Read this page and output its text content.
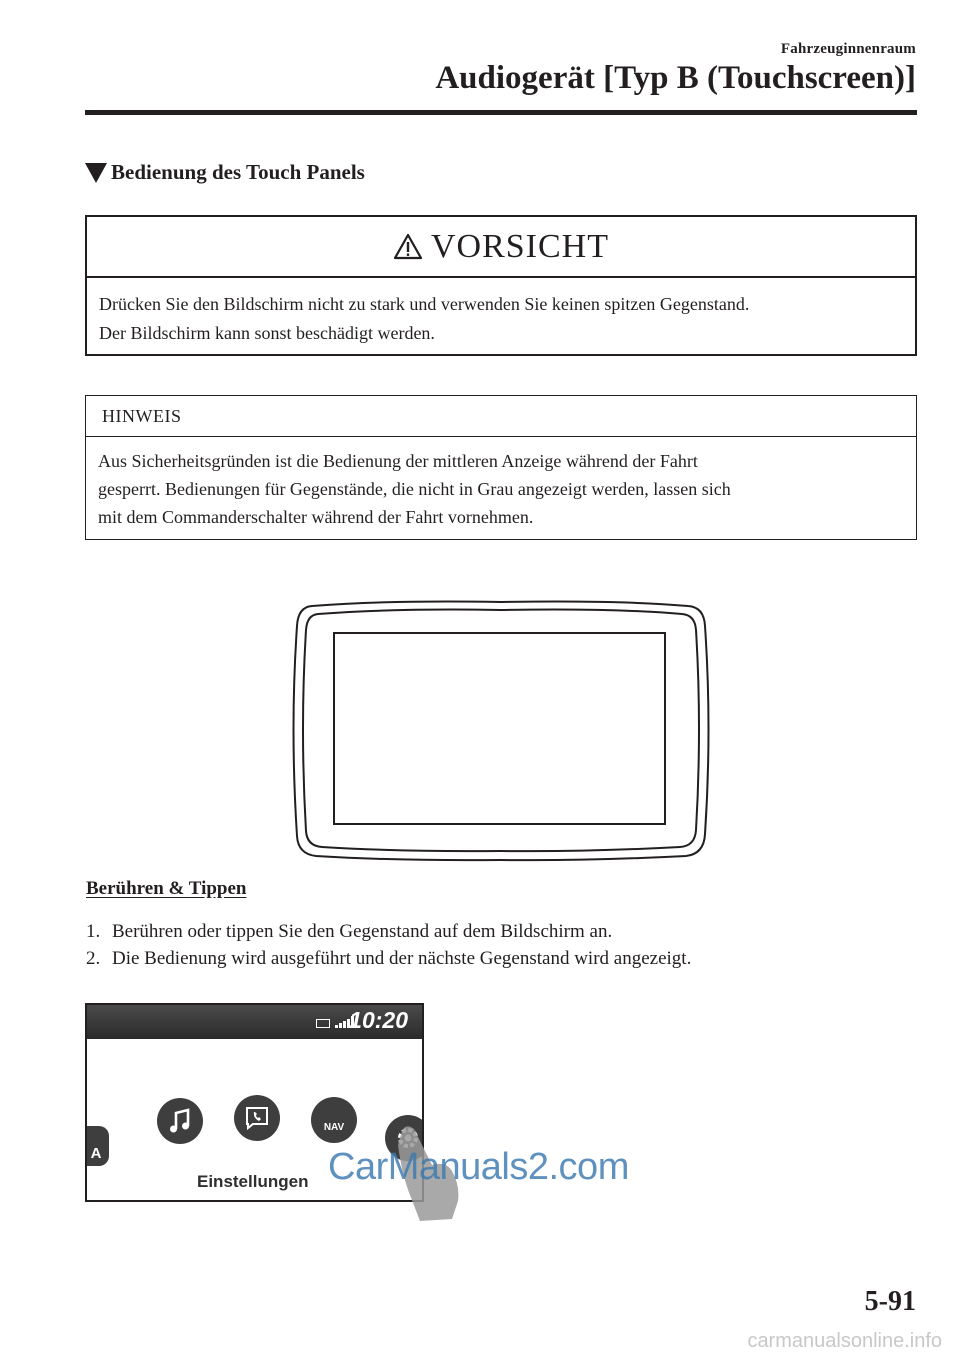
Fahrzeuginnenraum
Audiogerät [Typ B (Touchscreen)]
Bedienung des Touch Panels
VORSICHT
Drücken Sie den Bildschirm nicht zu stark und verwenden Sie keinen spitzen Gegenstand.
Der Bildschirm kann sonst beschädigt werden.
HINWEIS
Aus Sicherheitsgründen ist die Bedienung der mittleren Anzeige während der Fahrt
gesperrt. Bedienungen für Gegenstände, die nicht in Grau angezeigt werden, lassen sich
mit dem Commanderschalter während der Fahrt vornehmen.
Berühren & Tippen
1. Berühren oder tippen Sie den Gegenstand auf dem Bildschirm an.
2. Die Bedienung wird ausgeführt und der nächste Gegenstand wird angezeigt.
10:20
A
NAV
Einstellungen CarManuals2.com
5-91
carmanualsonline.info
